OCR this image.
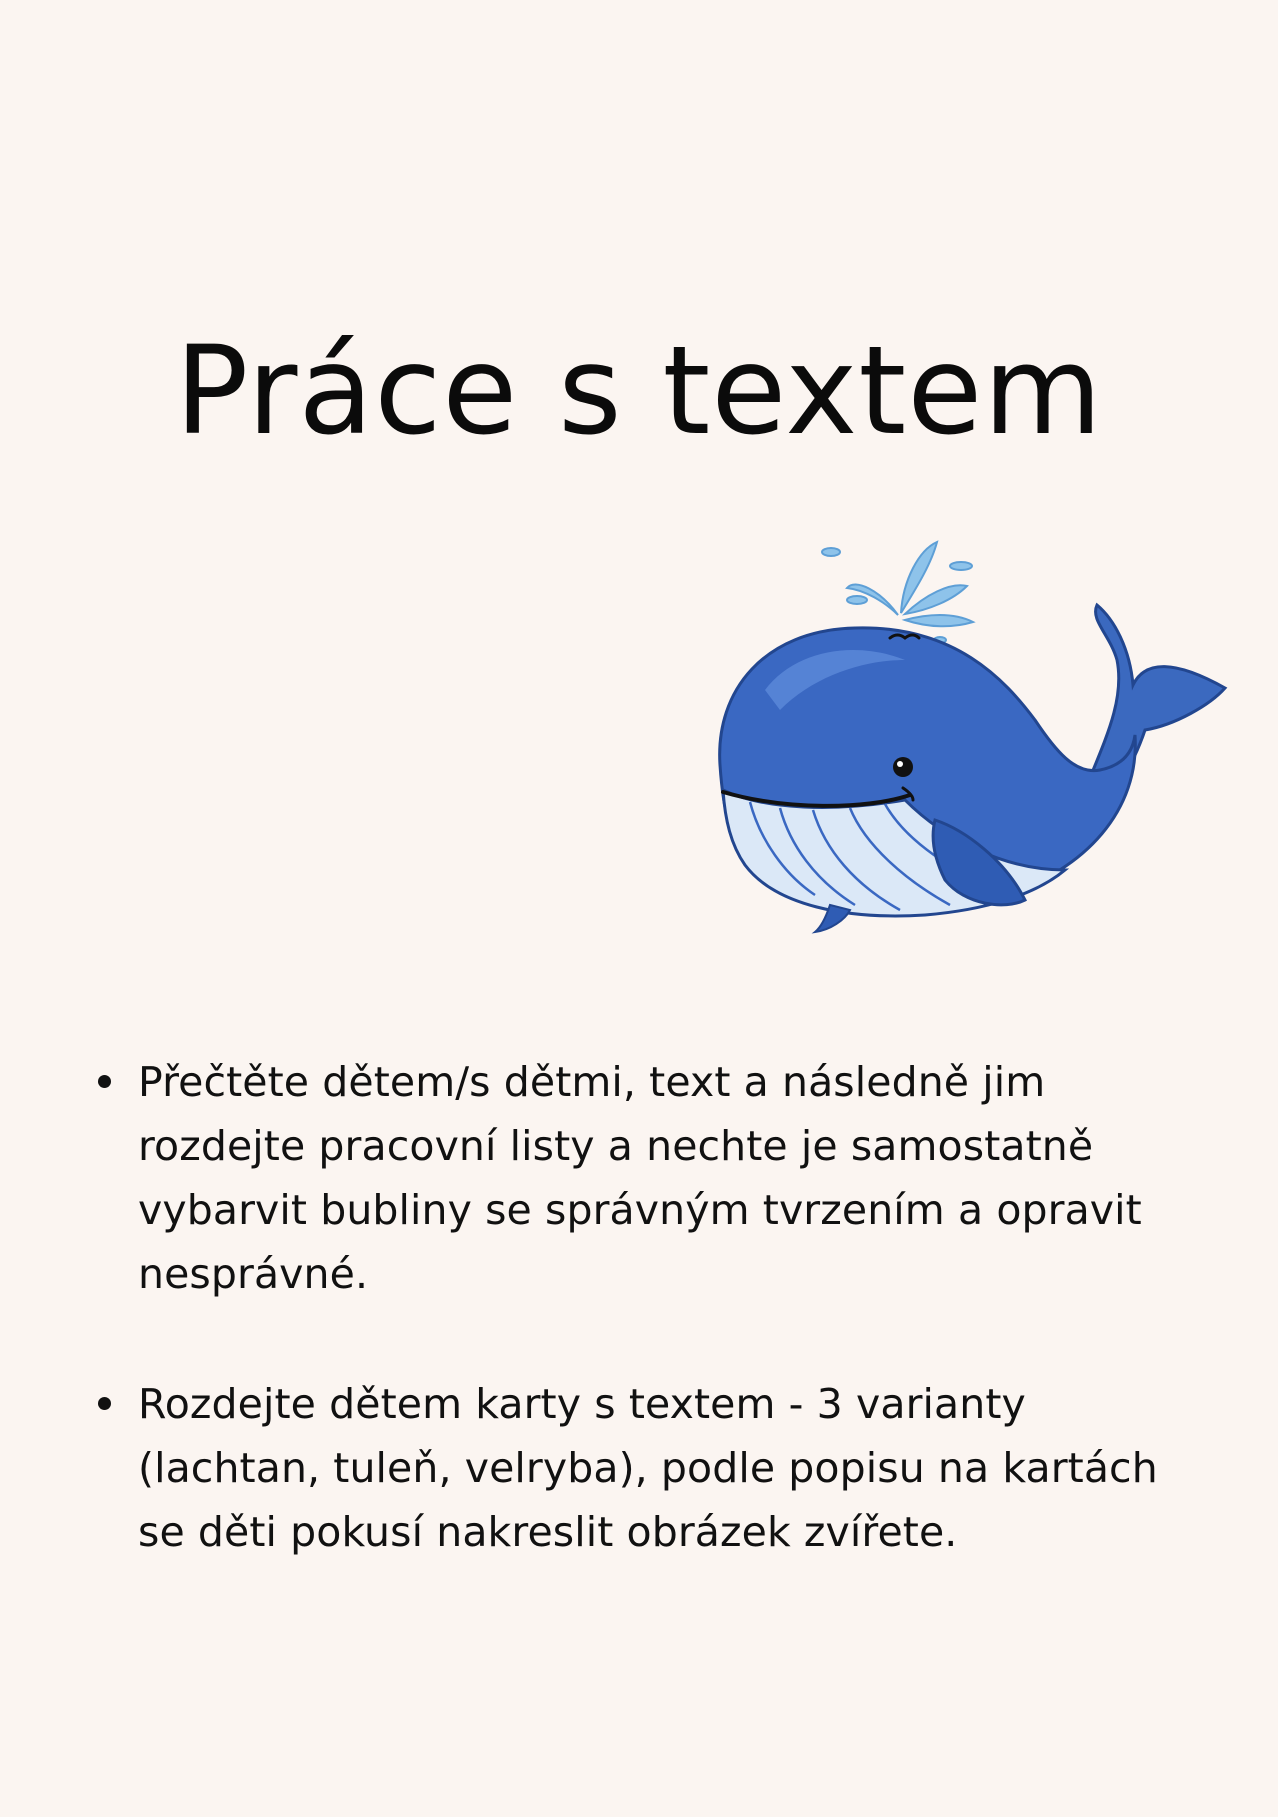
Práce s textem
Přečtěte dětem/s dětmi, text a následně jim rozdejte pracovní listy a nechte je samostatně vybarvit bubliny se správným tvrzením a opravit nesprávné.
Rozdejte dětem karty s textem - 3 varianty (lachtan, tuleň, velryba), podle popisu na kartách se děti pokusí nakreslit obrázek zvířete.
